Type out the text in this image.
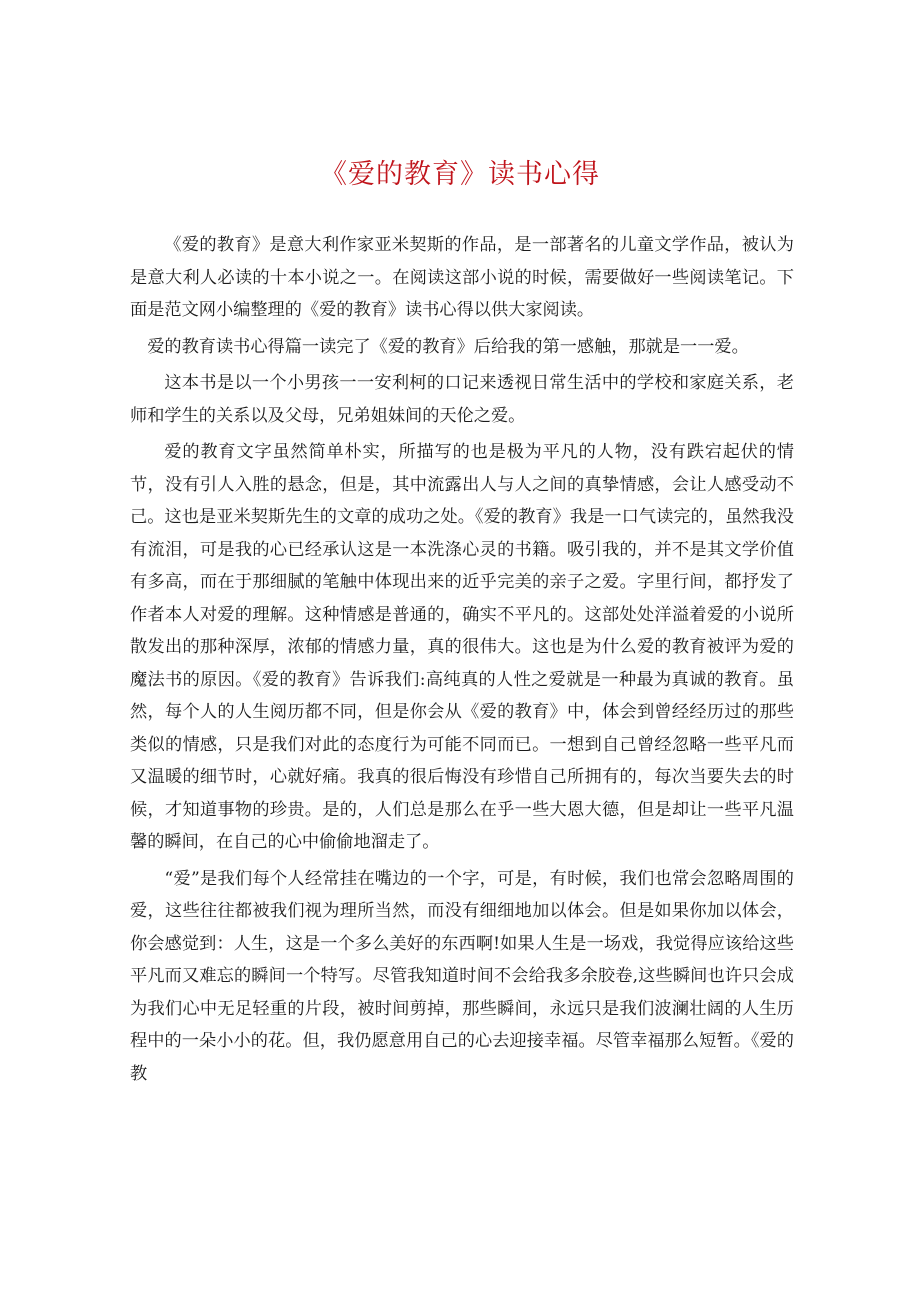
《爱的教育》读书心得

《爱的教育》是意大利作家亚米契斯的作品，是一部著名的儿童文学作品，被认为是意大利人必读的十本小说之一。在阅读这部小说的时候，需要做好一些阅读笔记。下面是范文网小编整理的《爱的教育》读书心得以供大家阅读。

爱的教育读书心得篇一读完了《爱的教育》后给我的第一感触，那就是一一爱。

这本书是以一个小男孩一一安利柯的口记来透视日常生活中的学校和家庭关系，老师和学生的关系以及父母，兄弟姐妹间的天伦之爱。

爱的教育文字虽然简单朴实，所描写的也是极为平凡的人物，没有跌宕起伏的情节，没有引人入胜的悬念，但是，其中流露出人与人之间的真挚情感，会让人感受动不己。这也是亚米契斯先生的文章的成功之处。《爱的教育》我是一口气读完的，虽然我没有流泪，可是我的心已经承认这是一本洗涤心灵的书籍。吸引我的，并不是其文学价值有多高，而在于那细腻的笔触中体现出来的近乎完美的亲子之爱。字里行间，都抒发了作者本人对爱的理解。这种情感是普通的，确实不平凡的。这部处处洋溢着爱的小说所散发出的那种深厚，浓郁的情感力量，真的很伟大。这也是为什么爱的教育被评为爱的魔法书的原因。《爱的教育》告诉我们:高纯真的人性之爱就是一种最为真诚的教育。虽然，每个人的人生阅历都不同，但是你会从《爱的教育》中，体会到曾经经历过的那些类似的情感，只是我们对此的态度行为可能不同而已。一想到自己曾经忽略一些平凡而又温暖的细节时，心就好痛。我真的很后悔没有珍惜自己所拥有的，每次当要失去的时候，才知道事物的珍贵。是的，人们总是那么在乎一些大恩大德，但是却让一些平凡温馨的瞬间，在自己的心中偷偷地溜走了。

“爱”是我们每个人经常挂在嘴边的一个字，可是，有时候，我们也常会忽略周围的爱，这些往往都被我们视为理所当然，而没有细细地加以体会。但是如果你加以体会，你会感觉到：人生，这是一个多么美好的东西啊!如果人生是一场戏，我觉得应该给这些平凡而又难忘的瞬间一个特写。尽管我知道时间不会给我多余胶卷,这些瞬间也许只会成为我们心中无足轻重的片段，被时间剪掉，那些瞬间，永远只是我们波澜壮阔的人生历程中的一朵小小的花。但，我仍愿意用自己的心去迎接幸福。尽管幸福那么短暂。《爱的教
